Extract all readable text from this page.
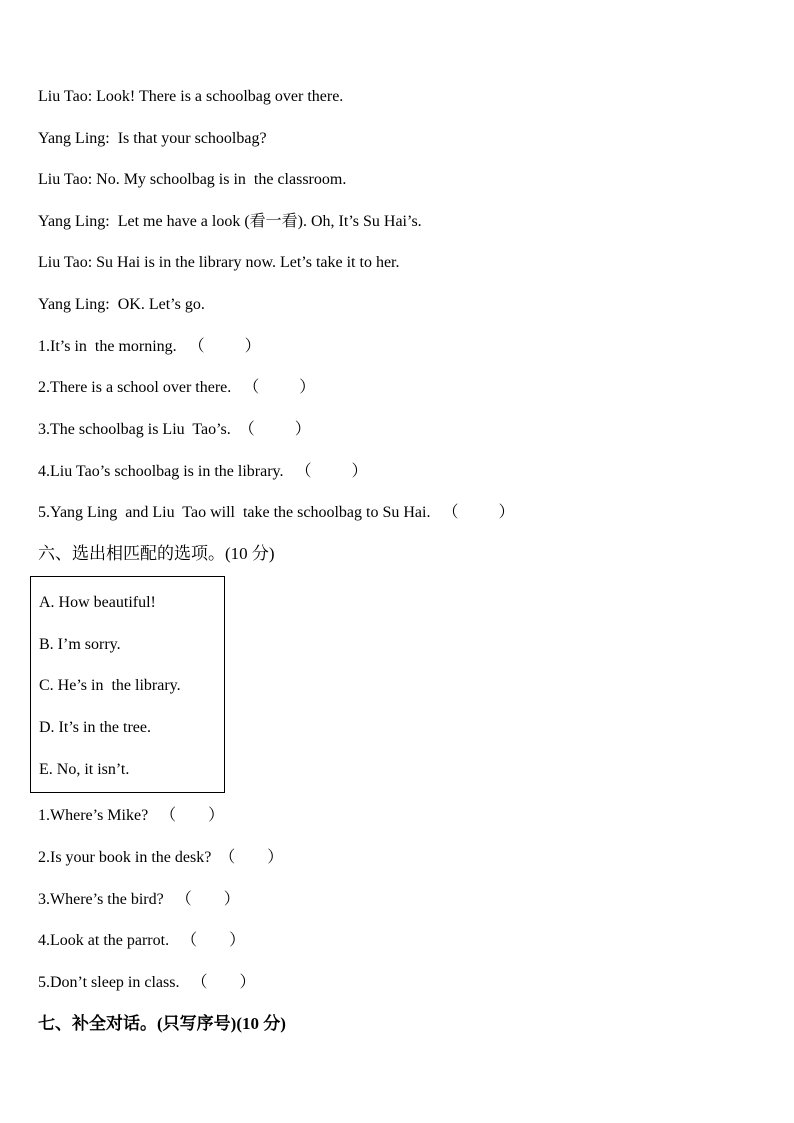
Liu Tao: Look! There is a schoolbag over there.
Yang Ling:  Is that your schoolbag?
Liu Tao: No. My schoolbag is in  the classroom.
Yang Ling:  Let me have a look (看一看). Oh, It’s Su Hai’s.
Liu Tao: Su Hai is in the library now. Let’s take it to her.
Yang Ling:  OK. Let’s go.
1.It’s in  the morning.   （          ）
2.There is a school over there.   （          ）
3.The schoolbag is Liu  Tao’s.  （          ）
4.Liu Tao’s schoolbag is in the library.   （          ）
5.Yang Ling  and Liu  Tao will  take the schoolbag to Su Hai.   （          ）
六、选出相匹配的选项。(10 分)
A. How beautiful!
B. I’m sorry.
C. He’s in  the library.
D. It’s in the tree.
E. No, it isn’t.
1.Where’s Mike?   （        ）
2.Is your book in the desk?  （        ）
3.Where’s the bird?   （        ）
4.Look at the parrot.   （        ）
5.Don’t sleep in class.   （        ）
七、补全对话。(只写序号)(10 分)
